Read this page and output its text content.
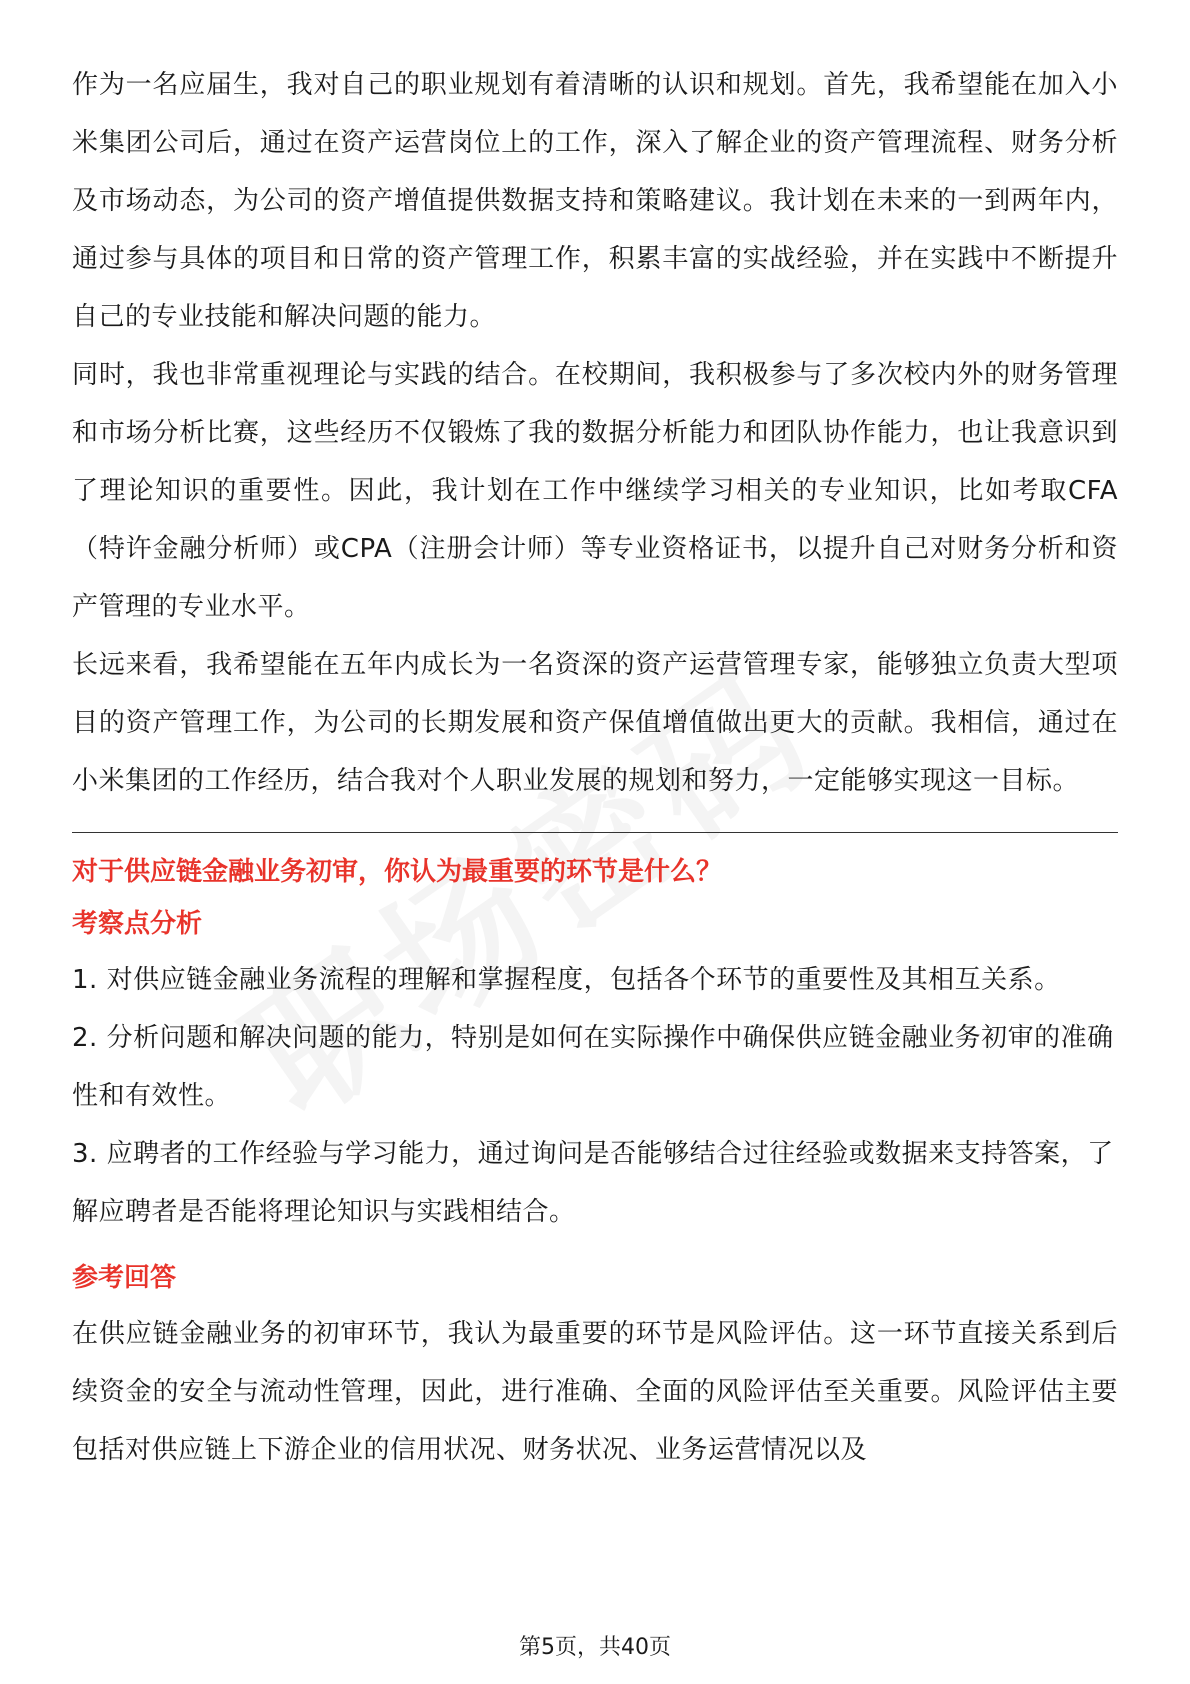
作为一名应届生，我对自己的职业规划有着清晰的认识和规划。首先，我希望能在加入小米集团公司后，通过在资产运营岗位上的工作，深入了解企业的资产管理流程、财务分析及市场动态，为公司的资产增值提供数据支持和策略建议。我计划在未来的一到两年内，通过参与具体的项目和日常的资产管理工作，积累丰富的实战经验，并在实践中不断提升自己的专业技能和解决问题的能力。

同时，我也非常重视理论与实践的结合。在校期间，我积极参与了多次校内外的财务管理和市场分析比赛，这些经历不仅锻炼了我的数据分析能力和团队协作能力，也让我意识到了理论知识的重要性。因此，我计划在工作中继续学习相关的专业知识，比如考取CFA（特许金融分析师）或CPA（注册会计师）等专业资格证书，以提升自己对财务分析和资产管理的专业水平。

长远来看，我希望能在五年内成长为一名资深的资产运营管理专家，能够独立负责大型项目的资产管理工作，为公司的长期发展和资产保值增值做出更大的贡献。我相信，通过在小米集团的工作经历，结合我对个人职业发展的规划和努力，一定能够实现这一目标。

对于供应链金融业务初审，你认为最重要的环节是什么？

考察点分析

1. 对供应链金融业务流程的理解和掌握程度，包括各个环节的重要性及其相互关系。

2. 分析问题和解决问题的能力，特别是如何在实际操作中确保供应链金融业务初审的准确性和有效性。

3. 应聘者的工作经验与学习能力，通过询问是否能够结合过往经验或数据来支持答案，了解应聘者是否能将理论知识与实践相结合。

参考回答

在供应链金融业务的初审环节，我认为最重要的环节是风险评估。这一环节直接关系到后续资金的安全与流动性管理，因此，进行准确、全面的风险评估至关重要。风险评估主要包括对供应链上下游企业的信用状况、财务状况、业务运营情况以及

第5页，共40页
